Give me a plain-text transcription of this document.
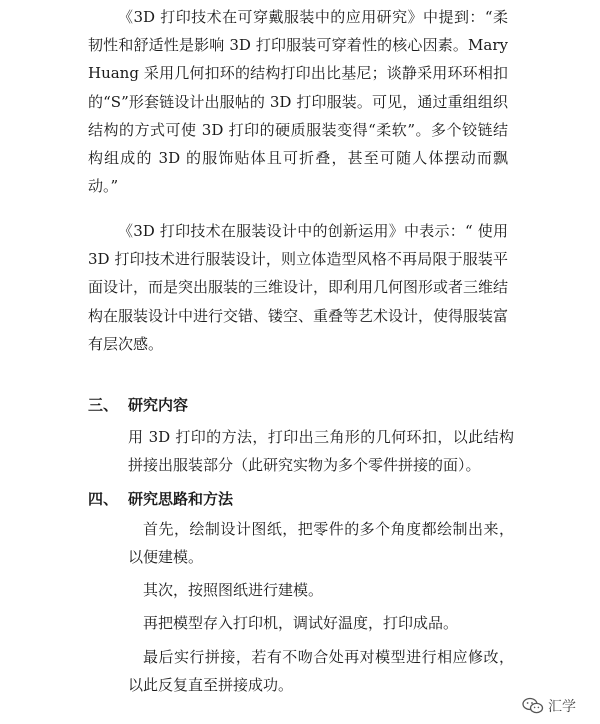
《3D 打印技术在可穿戴服装中的应用研究》中提到：“柔韧性和舒适性是影响 3D 打印服装可穿着性的核心因素。Mary Huang 采用几何扣环的结构打印出比基尼；谈静采用环环相扣的“S”形套链设计出服帖的 3D 打印服装。可见，通过重组组织结构的方式可使 3D 打印的硬质服装变得“柔软”。多个铰链结构组成的 3D 的服饰贴体且可折叠，甚至可随人体摆动而飘动。”

《3D 打印技术在服装设计中的创新运用》中表示：“ 使用 3D 打印技术进行服装设计，则立体造型风格不再局限于服装平面设计，而是突出服装的三维设计，即利用几何图形或者三维结构在服装设计中进行交错、镂空、重叠等艺术设计，使得服装富有层次感。

三、 研究内容

用 3D 打印的方法，打印出三角形的几何环扣，以此结构拼接出服装部分（此研究实物为多个零件拼接的面）。

四、 研究思路和方法

首先，绘制设计图纸，把零件的多个角度都绘制出来，以便建模。

其次，按照图纸进行建模。

再把模型存入打印机，调试好温度，打印成品。

最后实行拼接，若有不吻合处再对模型进行相应修改，以此反复直至拼接成功。

汇学
